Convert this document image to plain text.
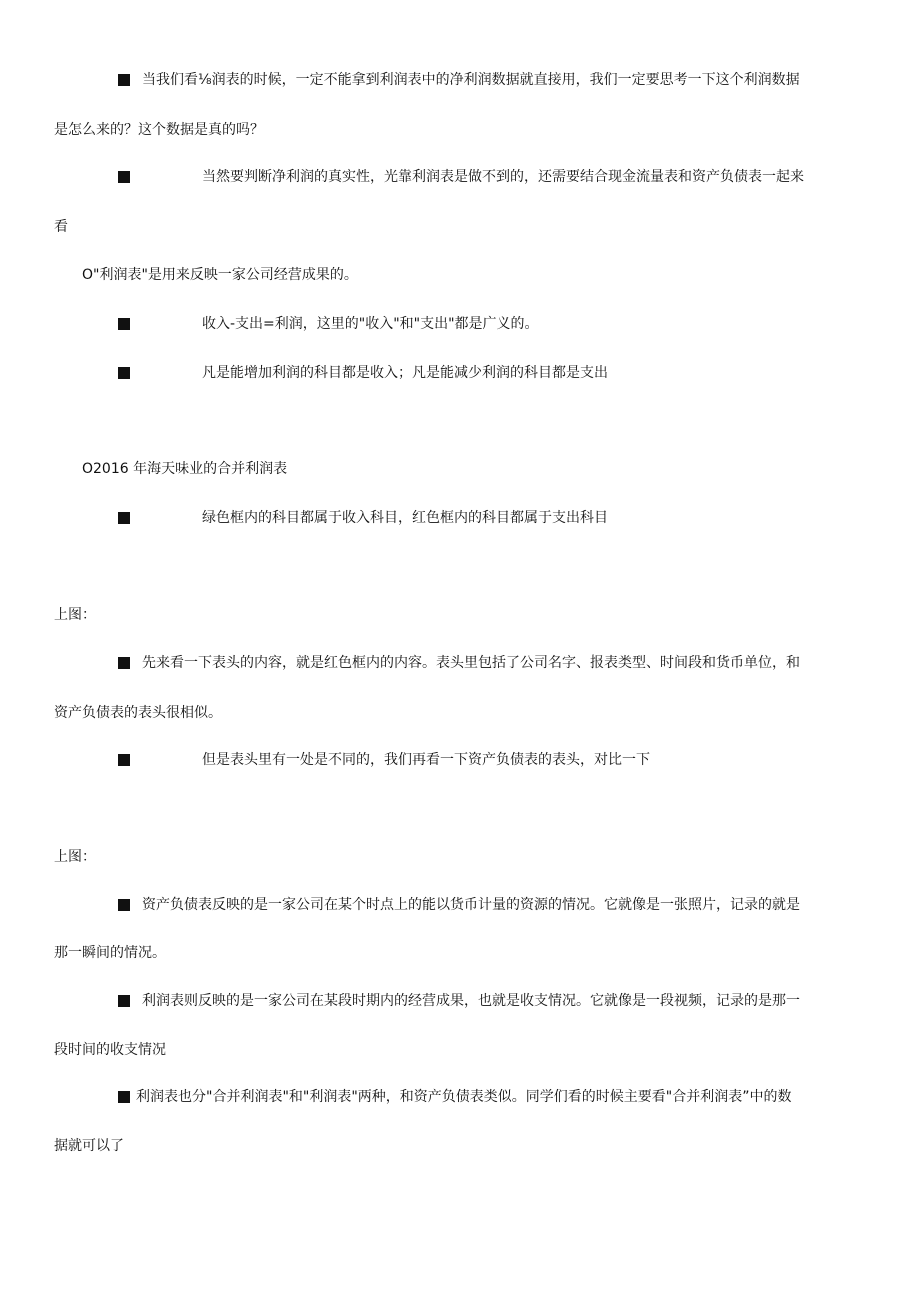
当我们看⅛润表的时候，一定不能拿到利润表中的净利润数据就直接用，我们一定要思考一下这个利润数据
是怎么来的？这个数据是真的吗？
当然要判断净利润的真实性，光靠利润表是做不到的，还需要结合现金流量表和资产负债表一起来
看
O"利润表"是用来反映一家公司经营成果的。
收入-支出=利润，这里的"收入"和"支出"都是广义的。
凡是能增加利润的科目都是收入；凡是能减少利润的科目都是支出
O2016 年海天味业的合并利润表
绿色框内的科目都属于收入科目，红色框内的科目都属于支出科目
上图：
先来看一下表头的内容，就是红色框内的内容。表头里包括了公司名字、报表类型、时间段和货币单位，和
资产负债表的表头很相似。
但是表头里有一处是不同的，我们再看一下资产负债表的表头，对比一下
上图：
资产负债表反映的是一家公司在某个时点上的能以货币计量的资源的情况。它就像是一张照片，记录的就是
那一瞬间的情况。
利润表则反映的是一家公司在某段时期内的经营成果，也就是收支情况。它就像是一段视频，记录的是那一
段时间的收支情况
利润表也分"合并利润表"和"利润表"两种，和资产负债表类似。同学们看的时候主要看"合并利润表”中的数
据就可以了
